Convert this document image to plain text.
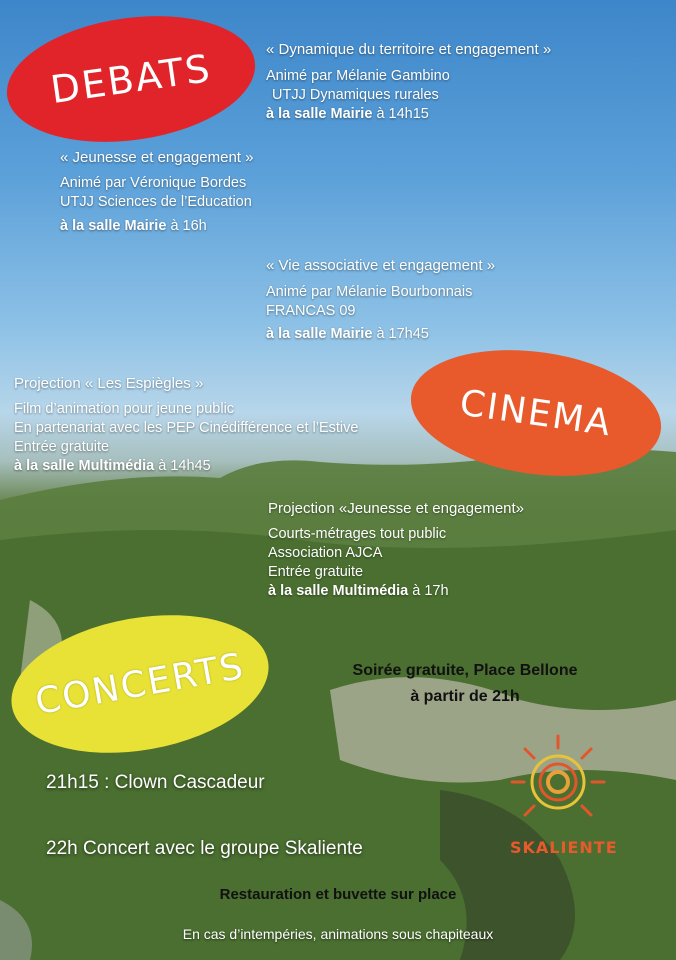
DEBATS	« Dynamique du territoire et engagement »
Animé par Mélanie Gambino
UTJJ Dynamiques rurales
à la salle Mairie à 14h15
« Jeunesse et engagement »
Animé par Véronique Bordes
UTJJ Sciences de l’Education
à la salle Mairie à 16h
« Vie associative et engagement »
Animé par Mélanie Bourbonnais
FRANCAS 09
à la salle Mairie à 17h45
CINEMA
Projection « Les Espiègles »
Film d’animation pour jeune public
En partenariat avec les PEP Cinédifférence et l’Estive
Entrée gratuite
à la salle Multimédia à 14h45
Projection «Jeunesse et engagement»
Courts-métrages tout public
Association AJCA
Entrée gratuite
à la salle Multimédia à 17h
CONCERTS	Soirée gratuite, Place Bellone
à partir de 21h
21h15 : Clown Cascadeur
22h Concert avec le groupe Skaliente	SKALIENTE
Restauration et buvette sur place
En cas d’intempéries, animations sous chapiteaux
